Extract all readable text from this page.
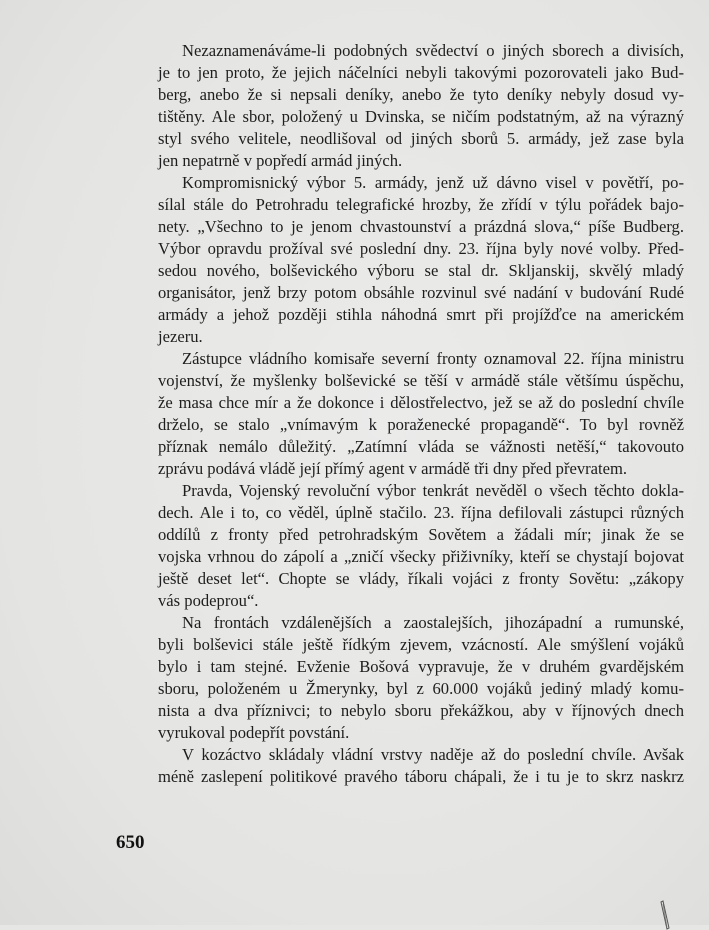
Nezaznamenáváme-li podobných svědectví o jiných sborech a divisích,
je to jen proto, že jejich náčelníci nebyli takovými pozorovateli jako Bud-
berg, anebo že si nepsali deníky, anebo že tyto deníky nebyly dosud vy-
tištěny. Ale sbor, položený u Dvinska, se ničím podstatným, až na výrazný
styl svého velitele, neodlišoval od jiných sborů 5. armády, jež zase byla
jen nepatrně v popředí armád jiných.
Kompromisnický výbor 5. armády, jenž už dávno visel v povětří, po-
sílal stále do Petrohradu telegrafické hrozby, že zřídí v týlu pořádek bajo-
nety. „Všechno to je jenom chvastounství a prázdná slova,“ píše Budberg.
Výbor opravdu prožíval své poslední dny. 23. října byly nové volby. Před-
sedou nového, bolševického výboru se stal dr. Skljanskij, skvělý mladý
organisátor, jenž brzy potom obsáhle rozvinul své nadání v budování Rudé
armády a jehož později stihla náhodná smrt při projížďce na americkém
jezeru.
Zástupce vládního komisaře severní fronty oznamoval 22. října ministru
vojenství, že myšlenky bolševické se těší v armádě stále většímu úspěchu,
že masa chce mír a že dokonce i dělostřelectvo, jež se až do poslední chvíle
drželo, se stalo „vnímavým k poraženecké propagandě“. To byl rovněž
příznak nemálo důležitý. „Zatímní vláda se vážnosti netěší,“ takovouto
zprávu podává vládě její přímý agent v armádě tři dny před převratem.
Pravda, Vojenský revoluční výbor tenkrát nevěděl o všech těchto dokla-
dech. Ale i to, co věděl, úplně stačilo. 23. října defilovali zástupci různých
oddílů z fronty před petrohradským Sovětem a žádali mír; jinak že se
vojska vrhnou do zápolí a „zničí všecky přiživníky, kteří se chystají bojovat
ještě deset let“. Chopte se vlády, říkali vojáci z fronty Sovětu: „zákopy
vás podeprou“.
Na frontách vzdálenějších a zaostalejších, jihozápadní a rumunské,
byli bolševici stále ještě řídkým zjevem, vzácností. Ale smýšlení vojáků
bylo i tam stejné. Evženie Bošová vypravuje, že v druhém gvardějském
sboru, položeném u Žmerynky, byl z 60.000 vojáků jediný mladý komu-
nista a dva příznivci; to nebylo sboru překážkou, aby v říjnových dnech
vyrukoval podepřít povstání.
V kozáctvo skládaly vládní vrstvy naděje až do poslední chvíle. Avšak
méně zaslepení politikové pravého táboru chápali, že i tu je to skrz naskrz
650
